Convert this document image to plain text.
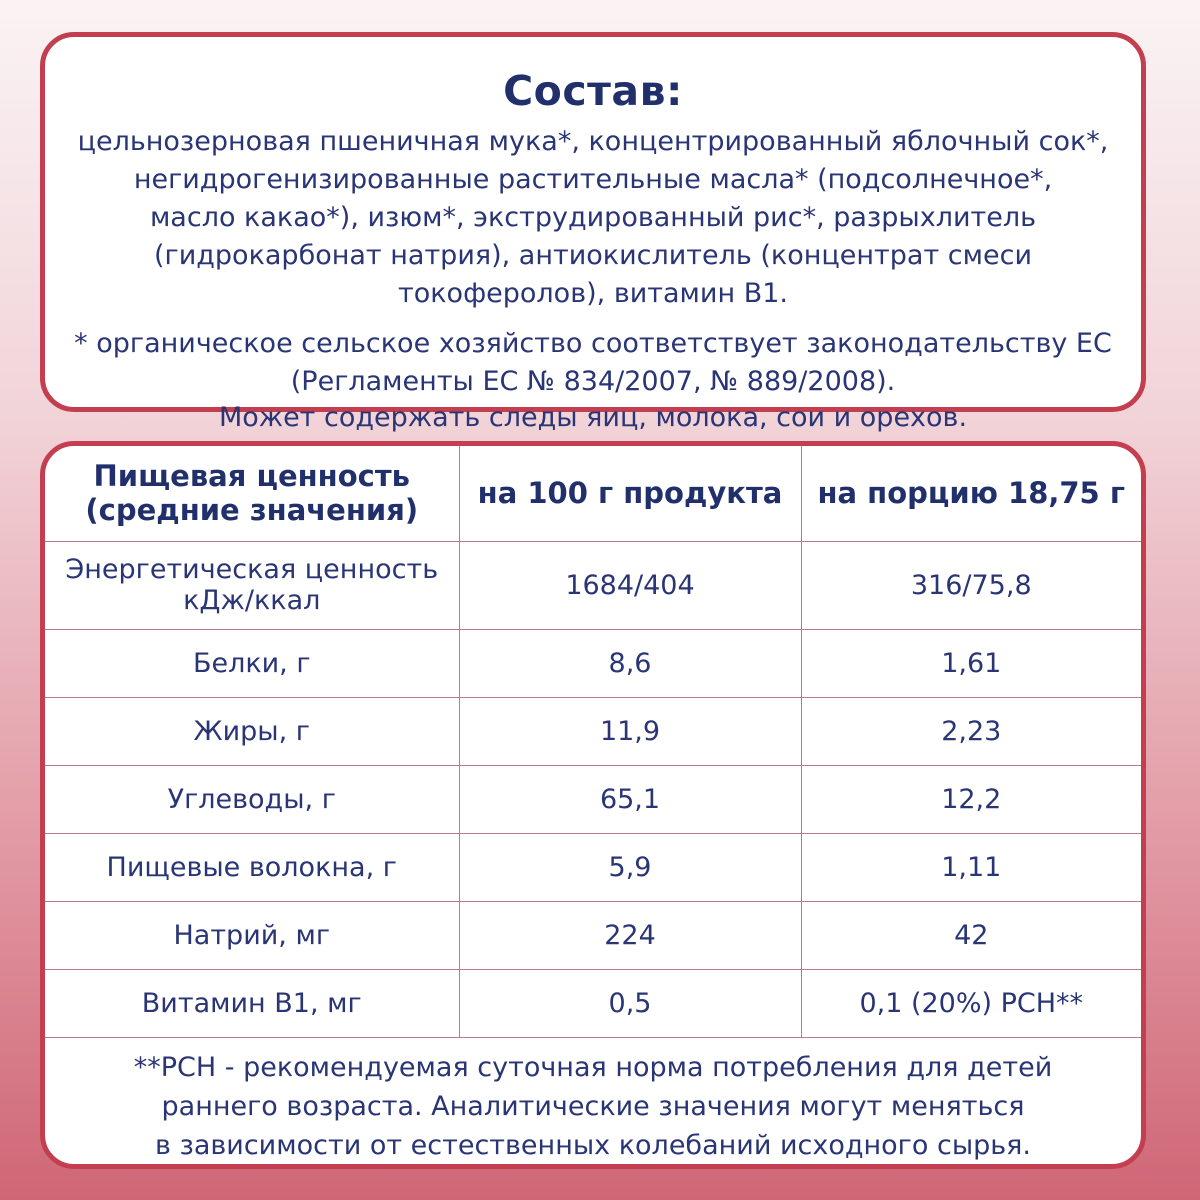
Состав:
цельнозерновая пшеничная мука*, концентрированный яблочный сок*,
негидрогенизированные растительные масла* (подсолнечное*,
масло какао*), изюм*, экструдированный рис*, разрыхлитель
(гидрокарбонат натрия), антиокислитель (концентрат смеси
токоферолов), витамин B1.
* органическое сельское хозяйство соответствует законодательству ЕС
(Регламенты ЕС № 834/2007, № 889/2008).
Может содержать следы яиц, молока, сои и орехов.
Пищевая ценность
(средние значения)	на 100 г продукта	на порцию 18,75 г

Энергетическая ценность
кДж/ккал	1684/404	316/75,8
Белки, г	8,6	1,61
Жиры, г	11,9	2,23
Углеводы, г	65,1	12,2
Пищевые волокна, г	5,9	1,11
Натрий, мг	224	42
Витамин B1, мг	0,5	0,1 (20%) РСН**

**РСН - рекомендуемая суточная норма потребления для детей
раннего возраста. Аналитические значения могут меняться
в зависимости от естественных колебаний исходного сырья.		
